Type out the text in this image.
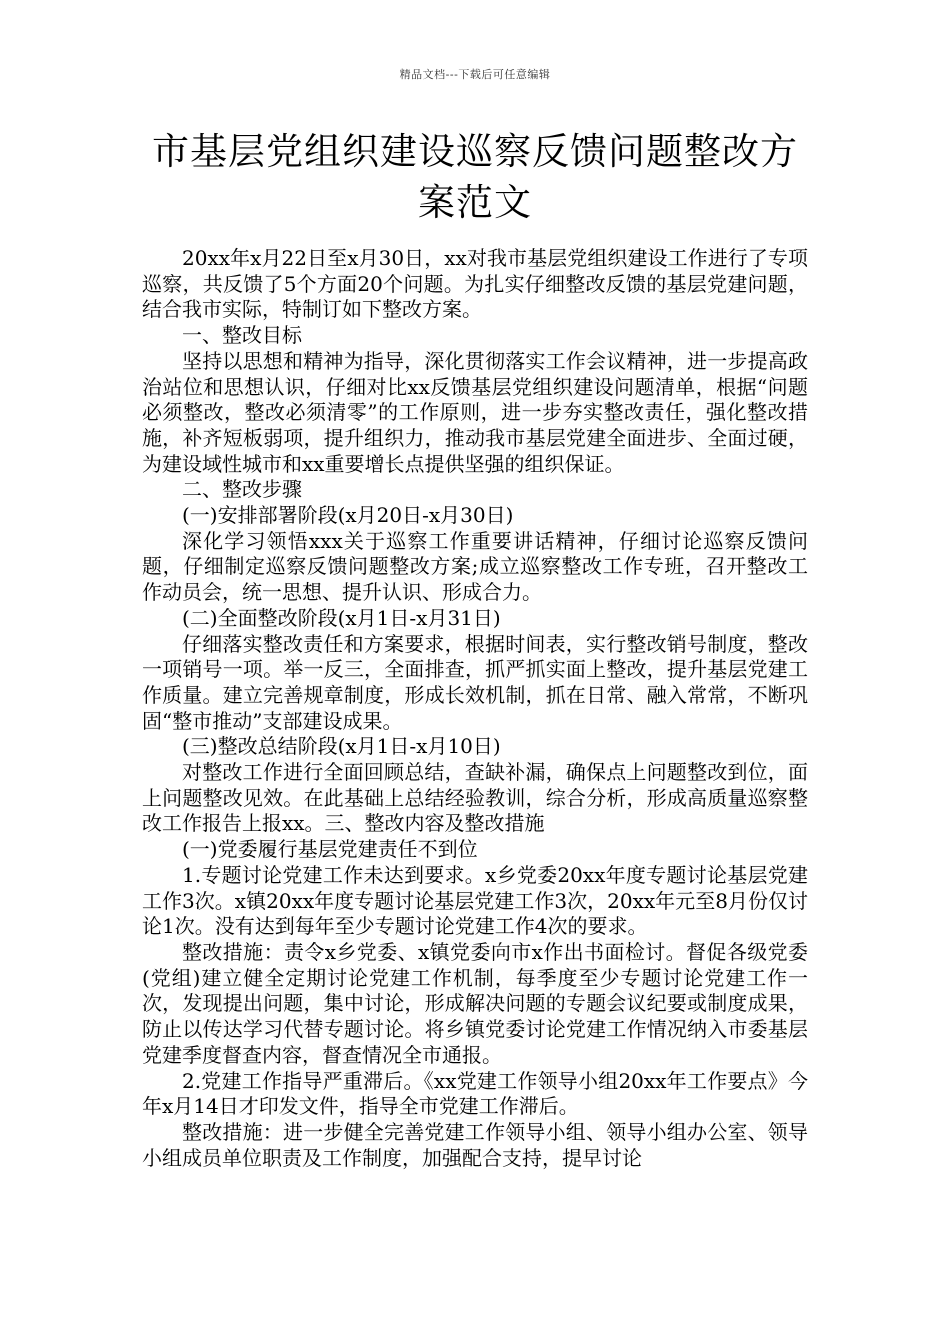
精品文档---下载后可任意编辑
市基层党组织建设巡察反馈问题整改方案范文

20xx年x月22日至x月30日，xx对我市基层党组织建设工作进行了专项巡察，共反馈了5个方面20个问题。为扎实仔细整改反馈的基层党建问题，结合我市实际，特制订如下整改方案。

一、整改目标

坚持以思想和精神为指导，深化贯彻落实工作会议精神，进一步提高政治站位和思想认识，仔细对比xx反馈基层党组织建设问题清单，根据“问题必须整改，整改必须清零”的工作原则，进一步夯实整改责任，强化整改措施，补齐短板弱项，提升组织力，推动我市基层党建全面进步、全面过硬，为建设域性城市和xx重要增长点提供坚强的组织保证。

二、整改步骤

(一)安排部署阶段(x月20日-x月30日)

深化学习领悟xxx关于巡察工作重要讲话精神，仔细讨论巡察反馈问题，仔细制定巡察反馈问题整改方案;成立巡察整改工作专班，召开整改工作动员会，统一思想、提升认识、形成合力。

(二)全面整改阶段(x月1日-x月31日)

仔细落实整改责任和方案要求，根据时间表，实行整改销号制度，整改一项销号一项。举一反三，全面排查，抓严抓实面上整改，提升基层党建工作质量。建立完善规章制度，形成长效机制，抓在日常、融入常常，不断巩固“整市推动”支部建设成果。

(三)整改总结阶段(x月1日-x月10日)

对整改工作进行全面回顾总结，查缺补漏，确保点上问题整改到位，面上问题整改见效。在此基础上总结经验教训，综合分析，形成高质量巡察整改工作报告上报xx。三、整改内容及整改措施

(一)党委履行基层党建责任不到位

1.专题讨论党建工作未达到要求。x乡党委20xx年度专题讨论基层党建工作3次。x镇20xx年度专题讨论基层党建工作3次，20xx年元至8月份仅讨论1次。没有达到每年至少专题讨论党建工作4次的要求。

整改措施：责令x乡党委、x镇党委向市x作出书面检讨。督促各级党委(党组)建立健全定期讨论党建工作机制，每季度至少专题讨论党建工作一次，发现提出问题，集中讨论，形成解决问题的专题会议纪要或制度成果，防止以传达学习代替专题讨论。将乡镇党委讨论党建工作情况纳入市委基层党建季度督查内容，督查情况全市通报。

2.党建工作指导严重滞后。《xx党建工作领导小组20xx年工作要点》今年x月14日才印发文件，指导全市党建工作滞后。

整改措施：进一步健全完善党建工作领导小组、领导小组办公室、领导小组成员单位职责及工作制度，加强配合支持，提早讨论
